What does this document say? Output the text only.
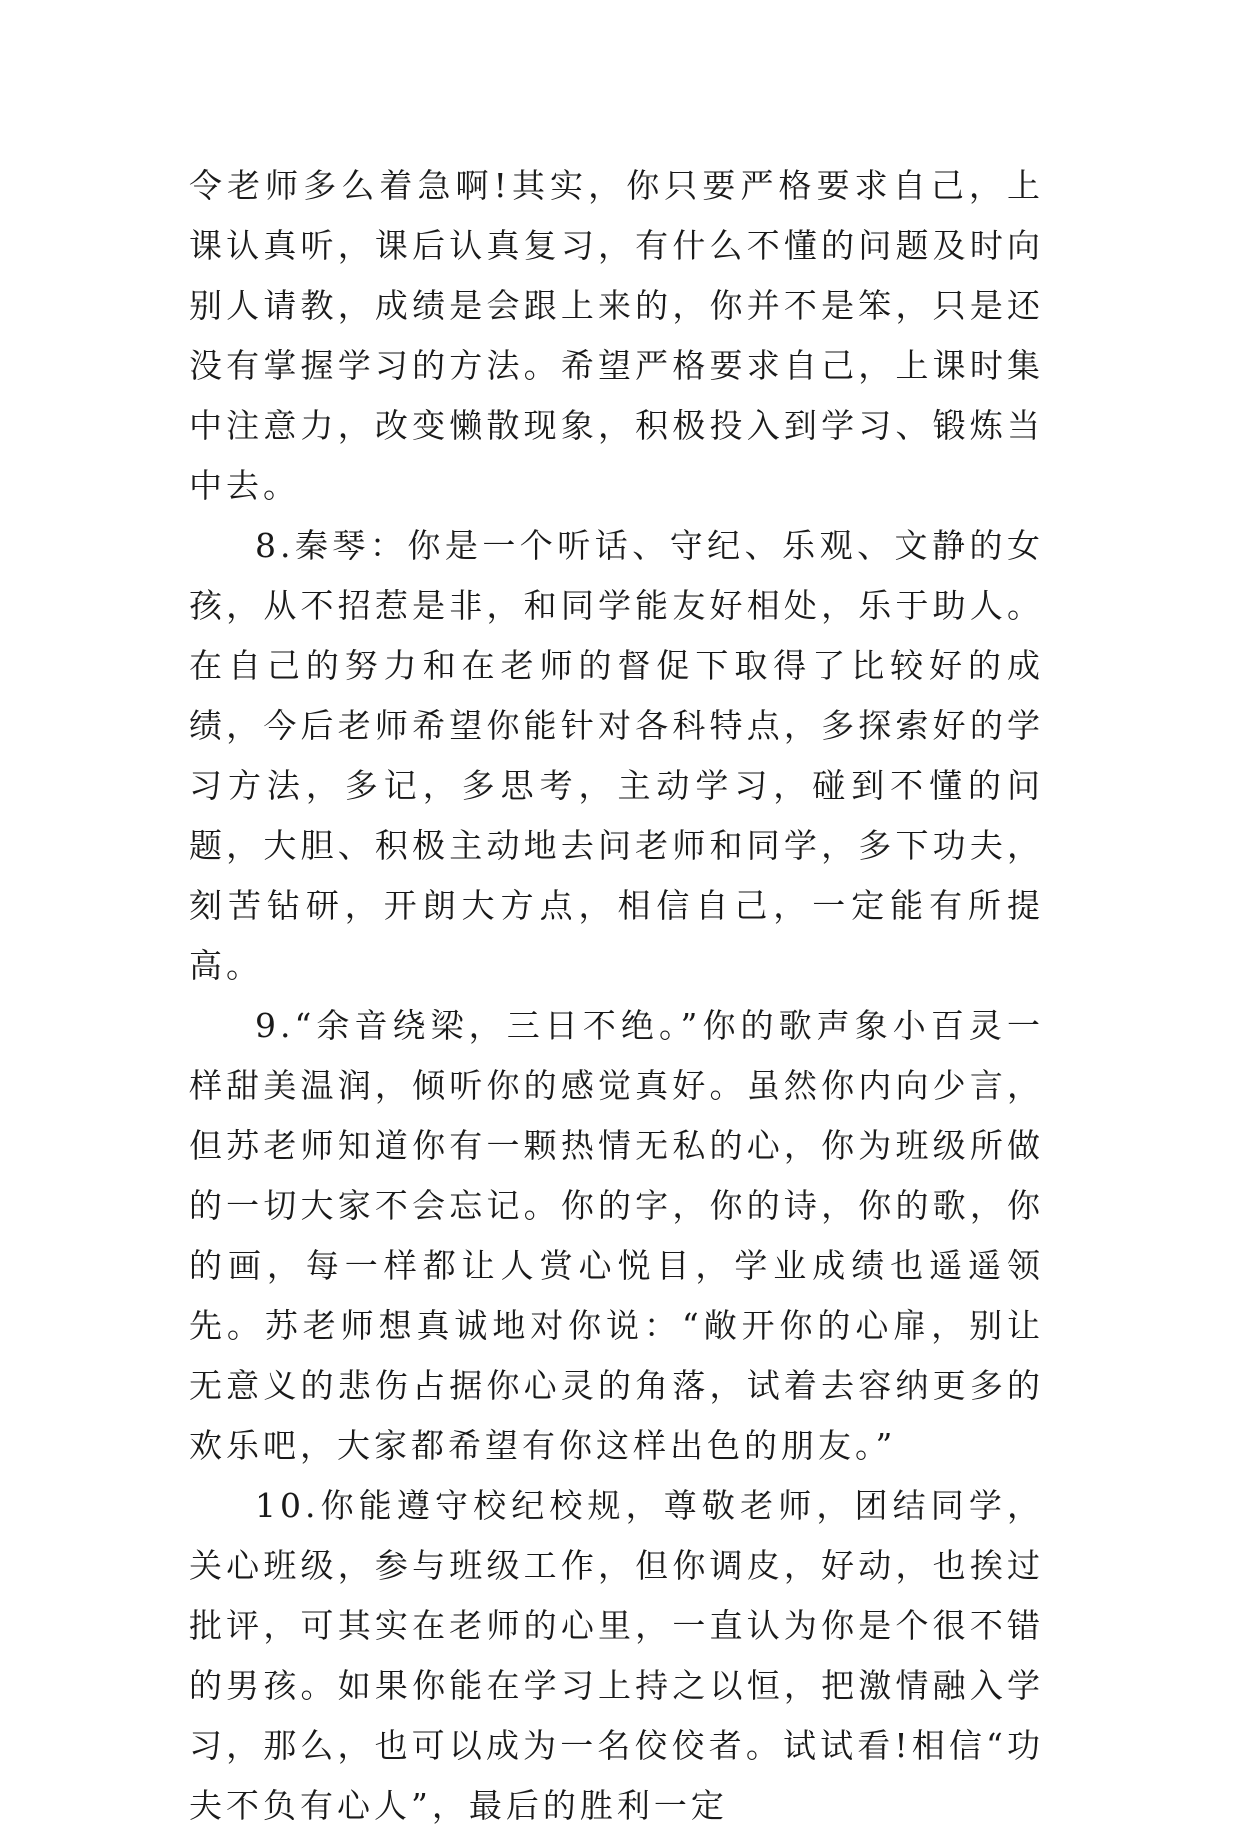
令老师多么着急啊!其实，你只要严格要求自己，上课认真听，课后认真复习，有什么不懂的问题及时向别人请教，成绩是会跟上来的，你并不是笨，只是还没有掌握学习的方法。希望严格要求自己，上课时集中注意力，改变懒散现象，积极投入到学习、锻炼当中去。

8.秦琴：你是一个听话、守纪、乐观、文静的女孩，从不招惹是非，和同学能友好相处，乐于助人。在自己的努力和在老师的督促下取得了比较好的成绩，今后老师希望你能针对各科特点，多探索好的学习方法，多记，多思考，主动学习，碰到不懂的问题，大胆、积极主动地去问老师和同学，多下功夫，刻苦钻研，开朗大方点，相信自己，一定能有所提高。

9.“余音绕梁，三日不绝。”你的歌声象小百灵一样甜美温润，倾听你的感觉真好。虽然你内向少言，但苏老师知道你有一颗热情无私的心，你为班级所做的一切大家不会忘记。你的字，你的诗，你的歌，你的画，每一样都让人赏心悦目，学业成绩也遥遥领先。苏老师想真诚地对你说：“敞开你的心扉，别让无意义的悲伤占据你心灵的角落，试着去容纳更多的欢乐吧，大家都希望有你这样出色的朋友。”

10.你能遵守校纪校规，尊敬老师，团结同学，关心班级，参与班级工作，但你调皮，好动，也挨过批评，可其实在老师的心里，一直认为你是个很不错的男孩。如果你能在学习上持之以恒，把激情融入学习，那么，也可以成为一名佼佼者。试试看!相信“功夫不负有心人”，最后的胜利一定
